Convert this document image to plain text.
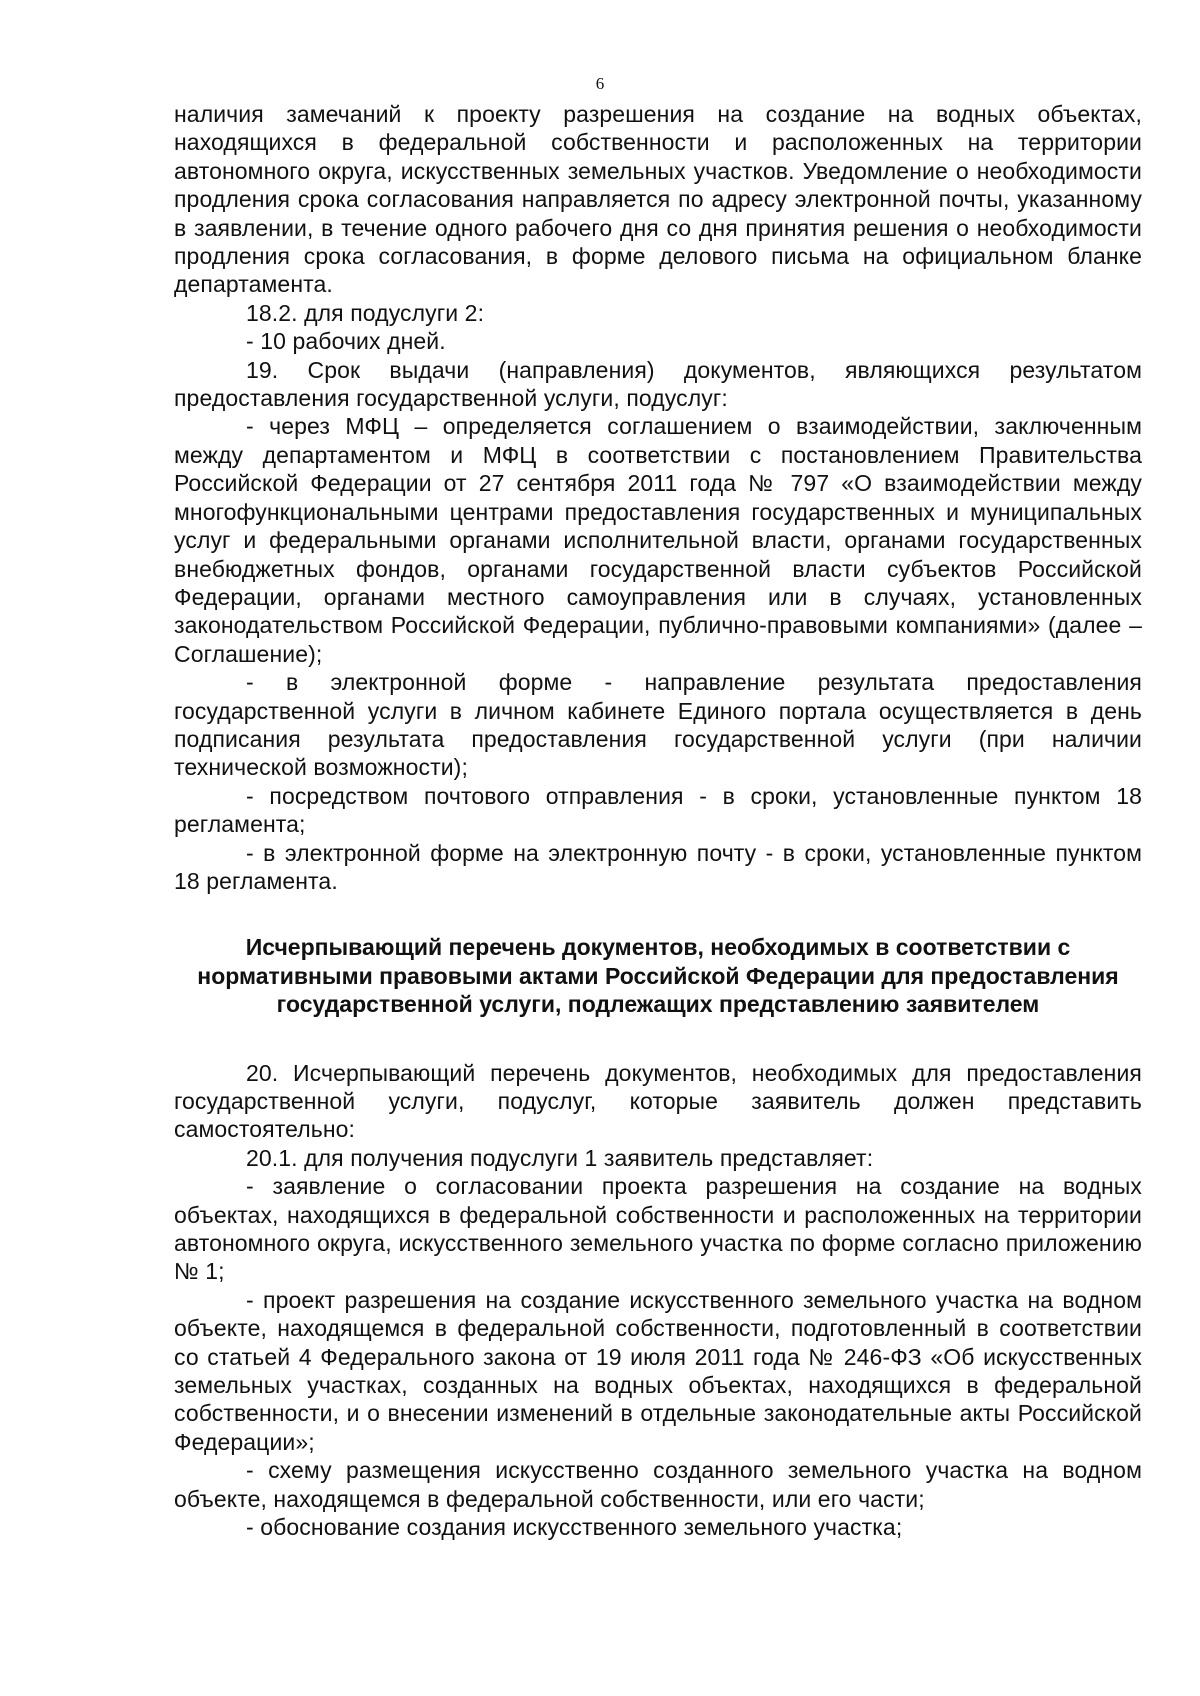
6

наличия замечаний к проекту разрешения на создание на водных объектах, находящихся в федеральной собственности и расположенных на территории автономного округа, искусственных земельных участков. Уведомление о необходимости продления срока согласования направляется по адресу электронной почты, указанному в заявлении, в течение одного рабочего дня со дня принятия решения о необходимости продления срока согласования, в форме делового письма на официальном бланке департамента.

18.2. для подуслуги 2:

- 10 рабочих дней.

19. Срок выдачи (направления) документов, являющихся результатом предоставления государственной услуги, подуслуг:

- через МФЦ – определяется соглашением о взаимодействии, заключенным между департаментом и МФЦ в соответствии с постановлением Правительства Российской Федерации от 27 сентября 2011 года № 797 «О взаимодействии между многофункциональными центрами предоставления государственных и муниципальных услуг и федеральными органами исполнительной власти, органами государственных внебюджетных фондов, органами государственной власти субъектов Российской Федерации, органами местного самоуправления или в случаях, установленных законодательством Российской Федерации, публично-правовыми компаниями» (далее – Соглашение);

- в электронной форме - направление результата предоставления государственной услуги в личном кабинете Единого портала осуществляется в день подписания результата предоставления государственной услуги (при наличии технической возможности);

- посредством почтового отправления - в сроки, установленные пунктом 18 регламента;

- в электронной форме на электронную почту - в сроки, установленные пунктом 18 регламента.

Исчерпывающий перечень документов, необходимых в соответствии с нормативными правовыми актами Российской Федерации для предоставления государственной услуги, подлежащих представлению заявителем

20. Исчерпывающий перечень документов, необходимых для предоставления государственной услуги, подуслуг, которые заявитель должен представить самостоятельно:

20.1. для получения подуслуги 1 заявитель представляет:

- заявление о согласовании проекта разрешения на создание на водных объектах, находящихся в федеральной собственности и расположенных на территории автономного округа, искусственного земельного участка по форме согласно приложению № 1;

- проект разрешения на создание искусственного земельного участка на водном объекте, находящемся в федеральной собственности, подготовленный в соответствии со статьей 4 Федерального закона от 19 июля 2011 года № 246-ФЗ «Об искусственных земельных участках, созданных на водных объектах, находящихся в федеральной собственности, и о внесении изменений в отдельные законодательные акты Российской Федерации»;

- схему размещения искусственно созданного земельного участка на водном объекте, находящемся в федеральной собственности, или его части;

- обоснование создания искусственного земельного участка;
